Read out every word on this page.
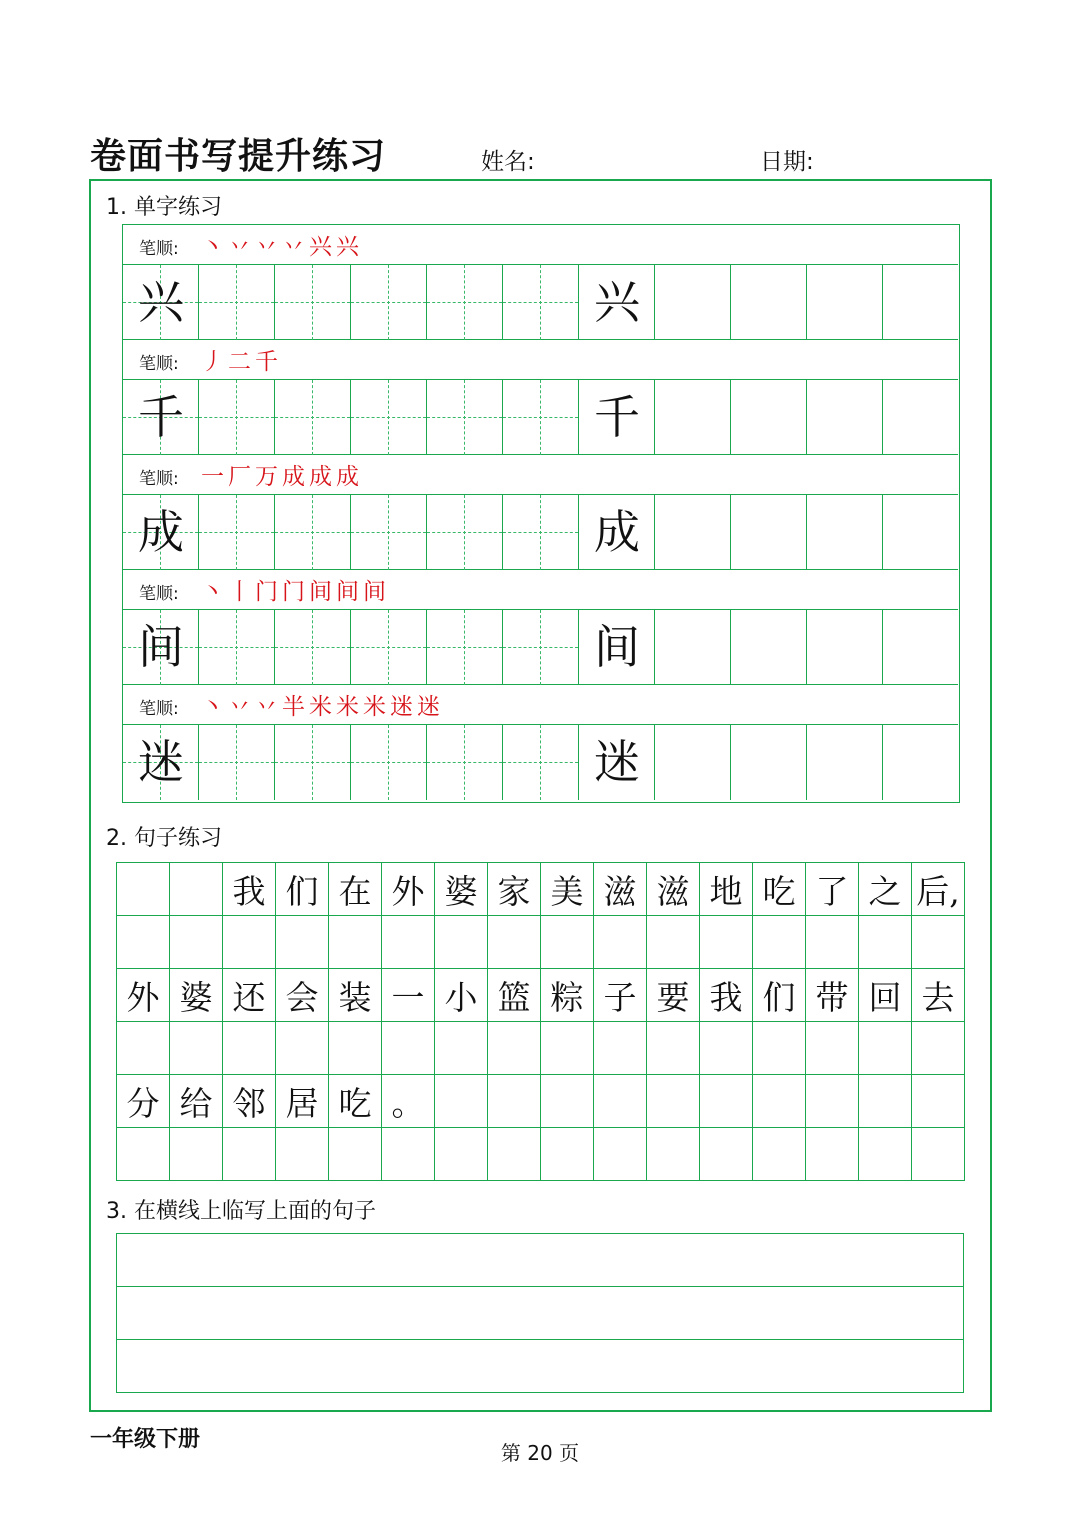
卷面书写提升练习	姓名:	日期:
1. 单字练习
笔顺: 丶丷丷丷兴兴
兴	兴
笔顺: 丿二千
千	千
笔顺: 一厂万成成成
成	成
笔顺: 丶丨门门间间间
间	间
笔顺: 丶丷丷半米米米迷迷
迷	迷
2. 句子练习
我 们 在 外 婆 家 美 滋 滋 地 吃 了 之 后,
外 婆 还 会 装 一 小 篮 粽 子 要 我 们 带 回 去
分 给 邻 居 吃 。
3. 在横线上临写上面的句子
一年级下册
第 20 页
